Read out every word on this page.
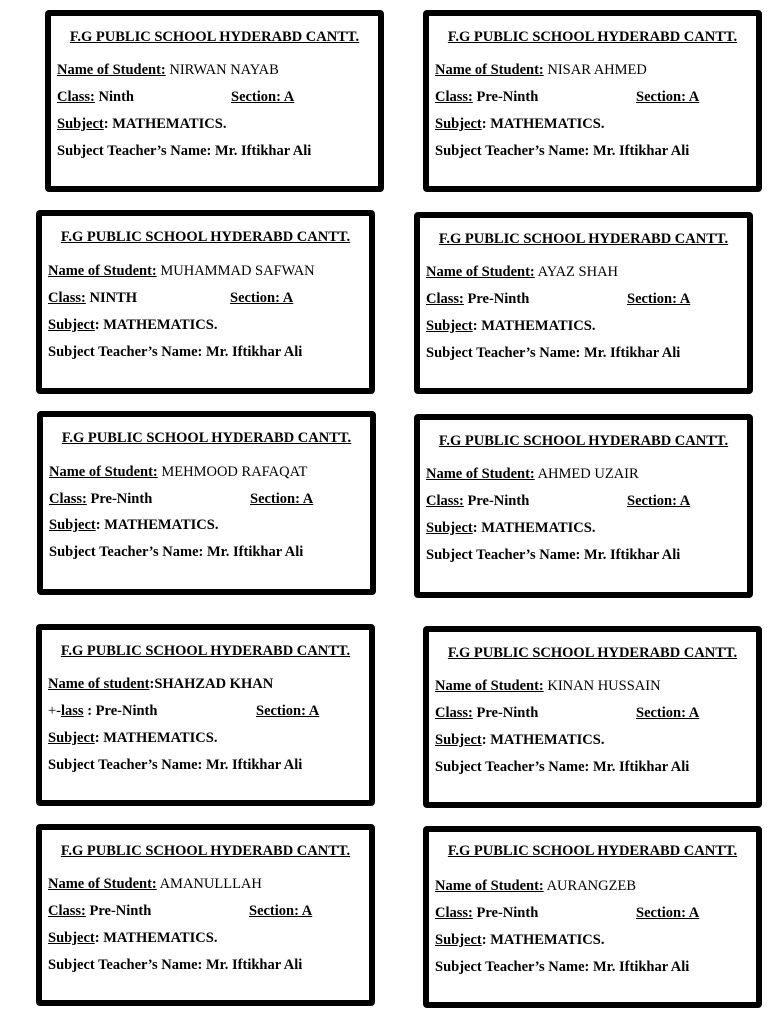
F.G PUBLIC SCHOOL HYDERABD CANTT.
Name of Student: NIRWAN NAYAB
Class: Ninth	Section: A
Subject: MATHEMATICS.
Subject Teacher’s Name: Mr. Iftikhar Ali
F.G PUBLIC SCHOOL HYDERABD CANTT.
Name of Student: NISAR AHMED
Class: Pre-Ninth	Section: A
Subject: MATHEMATICS.
Subject Teacher’s Name: Mr. Iftikhar Ali
F.G PUBLIC SCHOOL HYDERABD CANTT.
Name of Student: MUHAMMAD SAFWAN
Class: NINTH	Section: A
Subject: MATHEMATICS.
Subject Teacher’s Name: Mr. Iftikhar Ali
F.G PUBLIC SCHOOL HYDERABD CANTT.
Name of Student: AYAZ SHAH
Class: Pre-Ninth	Section: A
Subject: MATHEMATICS.
Subject Teacher’s Name: Mr. Iftikhar Ali
F.G PUBLIC SCHOOL HYDERABD CANTT.
Name of Student: MEHMOOD RAFAQAT
Class: Pre-Ninth	Section: A
Subject: MATHEMATICS.
Subject Teacher’s Name: Mr. Iftikhar Ali
F.G PUBLIC SCHOOL HYDERABD CANTT.
Name of Student: AHMED UZAIR
Class: Pre-Ninth	Section: A
Subject: MATHEMATICS.
Subject Teacher’s Name: Mr. Iftikhar Ali
F.G PUBLIC SCHOOL HYDERABD CANTT.
Name of student:SHAHZAD KHAN
+-lass : Pre-Ninth	Section: A
Subject: MATHEMATICS.
Subject Teacher’s Name: Mr. Iftikhar Ali
F.G PUBLIC SCHOOL HYDERABD CANTT.
Name of Student: KINAN HUSSAIN
Class: Pre-Ninth	Section: A
Subject: MATHEMATICS.
Subject Teacher’s Name: Mr. Iftikhar Ali
F.G PUBLIC SCHOOL HYDERABD CANTT.
Name of Student: AMANULLLAH
Class: Pre-Ninth	Section: A
Subject: MATHEMATICS.
Subject Teacher’s Name: Mr. Iftikhar Ali
F.G PUBLIC SCHOOL HYDERABD CANTT.
Name of Student: AURANGZEB
Class: Pre-Ninth	Section: A
Subject: MATHEMATICS.
Subject Teacher’s Name: Mr. Iftikhar Ali
